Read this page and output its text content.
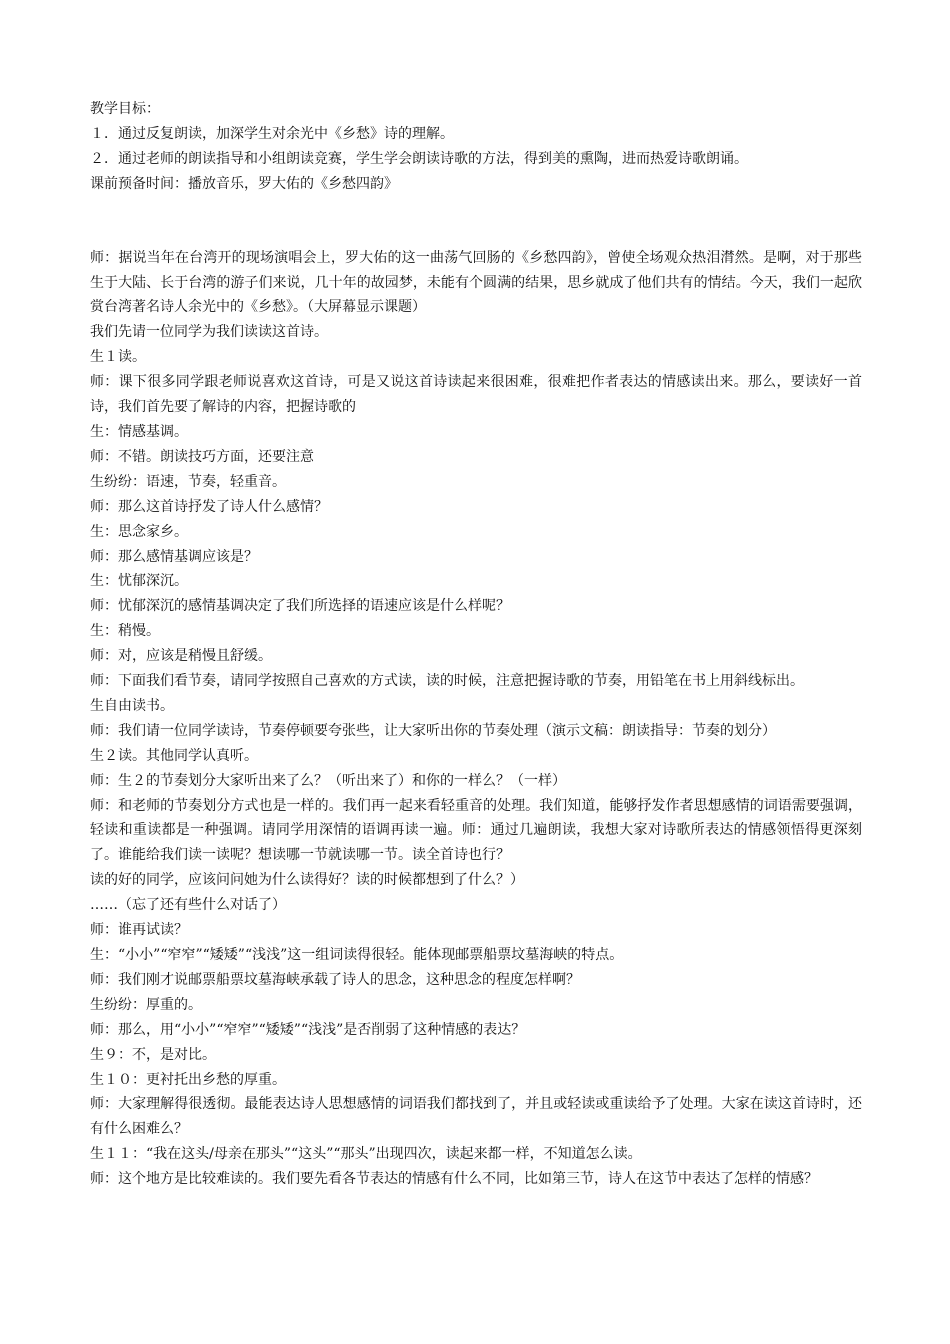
教学目标：

１．通过反复朗读，加深学生对余光中《乡愁》诗的理解。

２．通过老师的朗读指导和小组朗读竞赛，学生学会朗读诗歌的方法，得到美的熏陶，进而热爱诗歌朗诵。

课前预备时间：播放音乐，罗大佑的《乡愁四韵》

师：据说当年在台湾开的现场演唱会上，罗大佑的这一曲荡气回肠的《乡愁四韵》，曾使全场观众热泪潸然。是啊，对于那些生于大陆、长于台湾的游子们来说，几十年的故园梦，未能有个圆满的结果，思乡就成了他们共有的情结。今天，我们一起欣赏台湾著名诗人余光中的《乡愁》。（大屏幕显示课题）

我们先请一位同学为我们读读这首诗。

生１读。

师：课下很多同学跟老师说喜欢这首诗，可是又说这首诗读起来很困难，很难把作者表达的情感读出来。那么，要读好一首诗，我们首先要了解诗的内容，把握诗歌的

生：情感基调。

师：不错。朗读技巧方面，还要注意

生纷纷：语速，节奏，轻重音。

师：那么这首诗抒发了诗人什么感情？

生：思念家乡。

师：那么感情基调应该是？

生：忧郁深沉。

师：忧郁深沉的感情基调决定了我们所选择的语速应该是什么样呢？

生：稍慢。

师：对，应该是稍慢且舒缓。

师：下面我们看节奏，请同学按照自己喜欢的方式读，读的时候，注意把握诗歌的节奏，用铅笔在书上用斜线标出。

生自由读书。

师：我们请一位同学读诗，节奏停顿要夸张些，让大家听出你的节奏处理（演示文稿：朗读指导：节奏的划分）

生２读。其他同学认真听。

师：生２的节奏划分大家听出来了么？（听出来了）和你的一样么？（一样）

师：和老师的节奏划分方式也是一样的。我们再一起来看轻重音的处理。我们知道，能够抒发作者思想感情的词语需要强调，轻读和重读都是一种强调。请同学用深情的语调再读一遍。师：通过几遍朗读，我想大家对诗歌所表达的情感领悟得更深刻了。谁能给我们读一读呢？想读哪一节就读哪一节。读全首诗也行？

读的好的同学，应该问问她为什么读得好？读的时候都想到了什么？）

……（忘了还有些什么对话了）

师：谁再试读？

生：“小小”“窄窄”“矮矮”“浅浅”这一组词读得很轻。能体现邮票船票坟墓海峡的特点。

师：我们刚才说邮票船票坟墓海峡承载了诗人的思念，这种思念的程度怎样啊？

生纷纷：厚重的。

师：那么，用“小小”“窄窄”“矮矮”“浅浅”是否削弱了这种情感的表达？

生９：不，是对比。

生１０：更衬托出乡愁的厚重。

师：大家理解得很透彻。最能表达诗人思想感情的词语我们都找到了，并且或轻读或重读给予了处理。大家在读这首诗时，还有什么困难么？

生１１：“我在这头/母亲在那头”“这头”“那头”出现四次，读起来都一样，不知道怎么读。

师：这个地方是比较难读的。我们要先看各节表达的情感有什么不同，比如第三节，诗人在这节中表达了怎样的情感？
